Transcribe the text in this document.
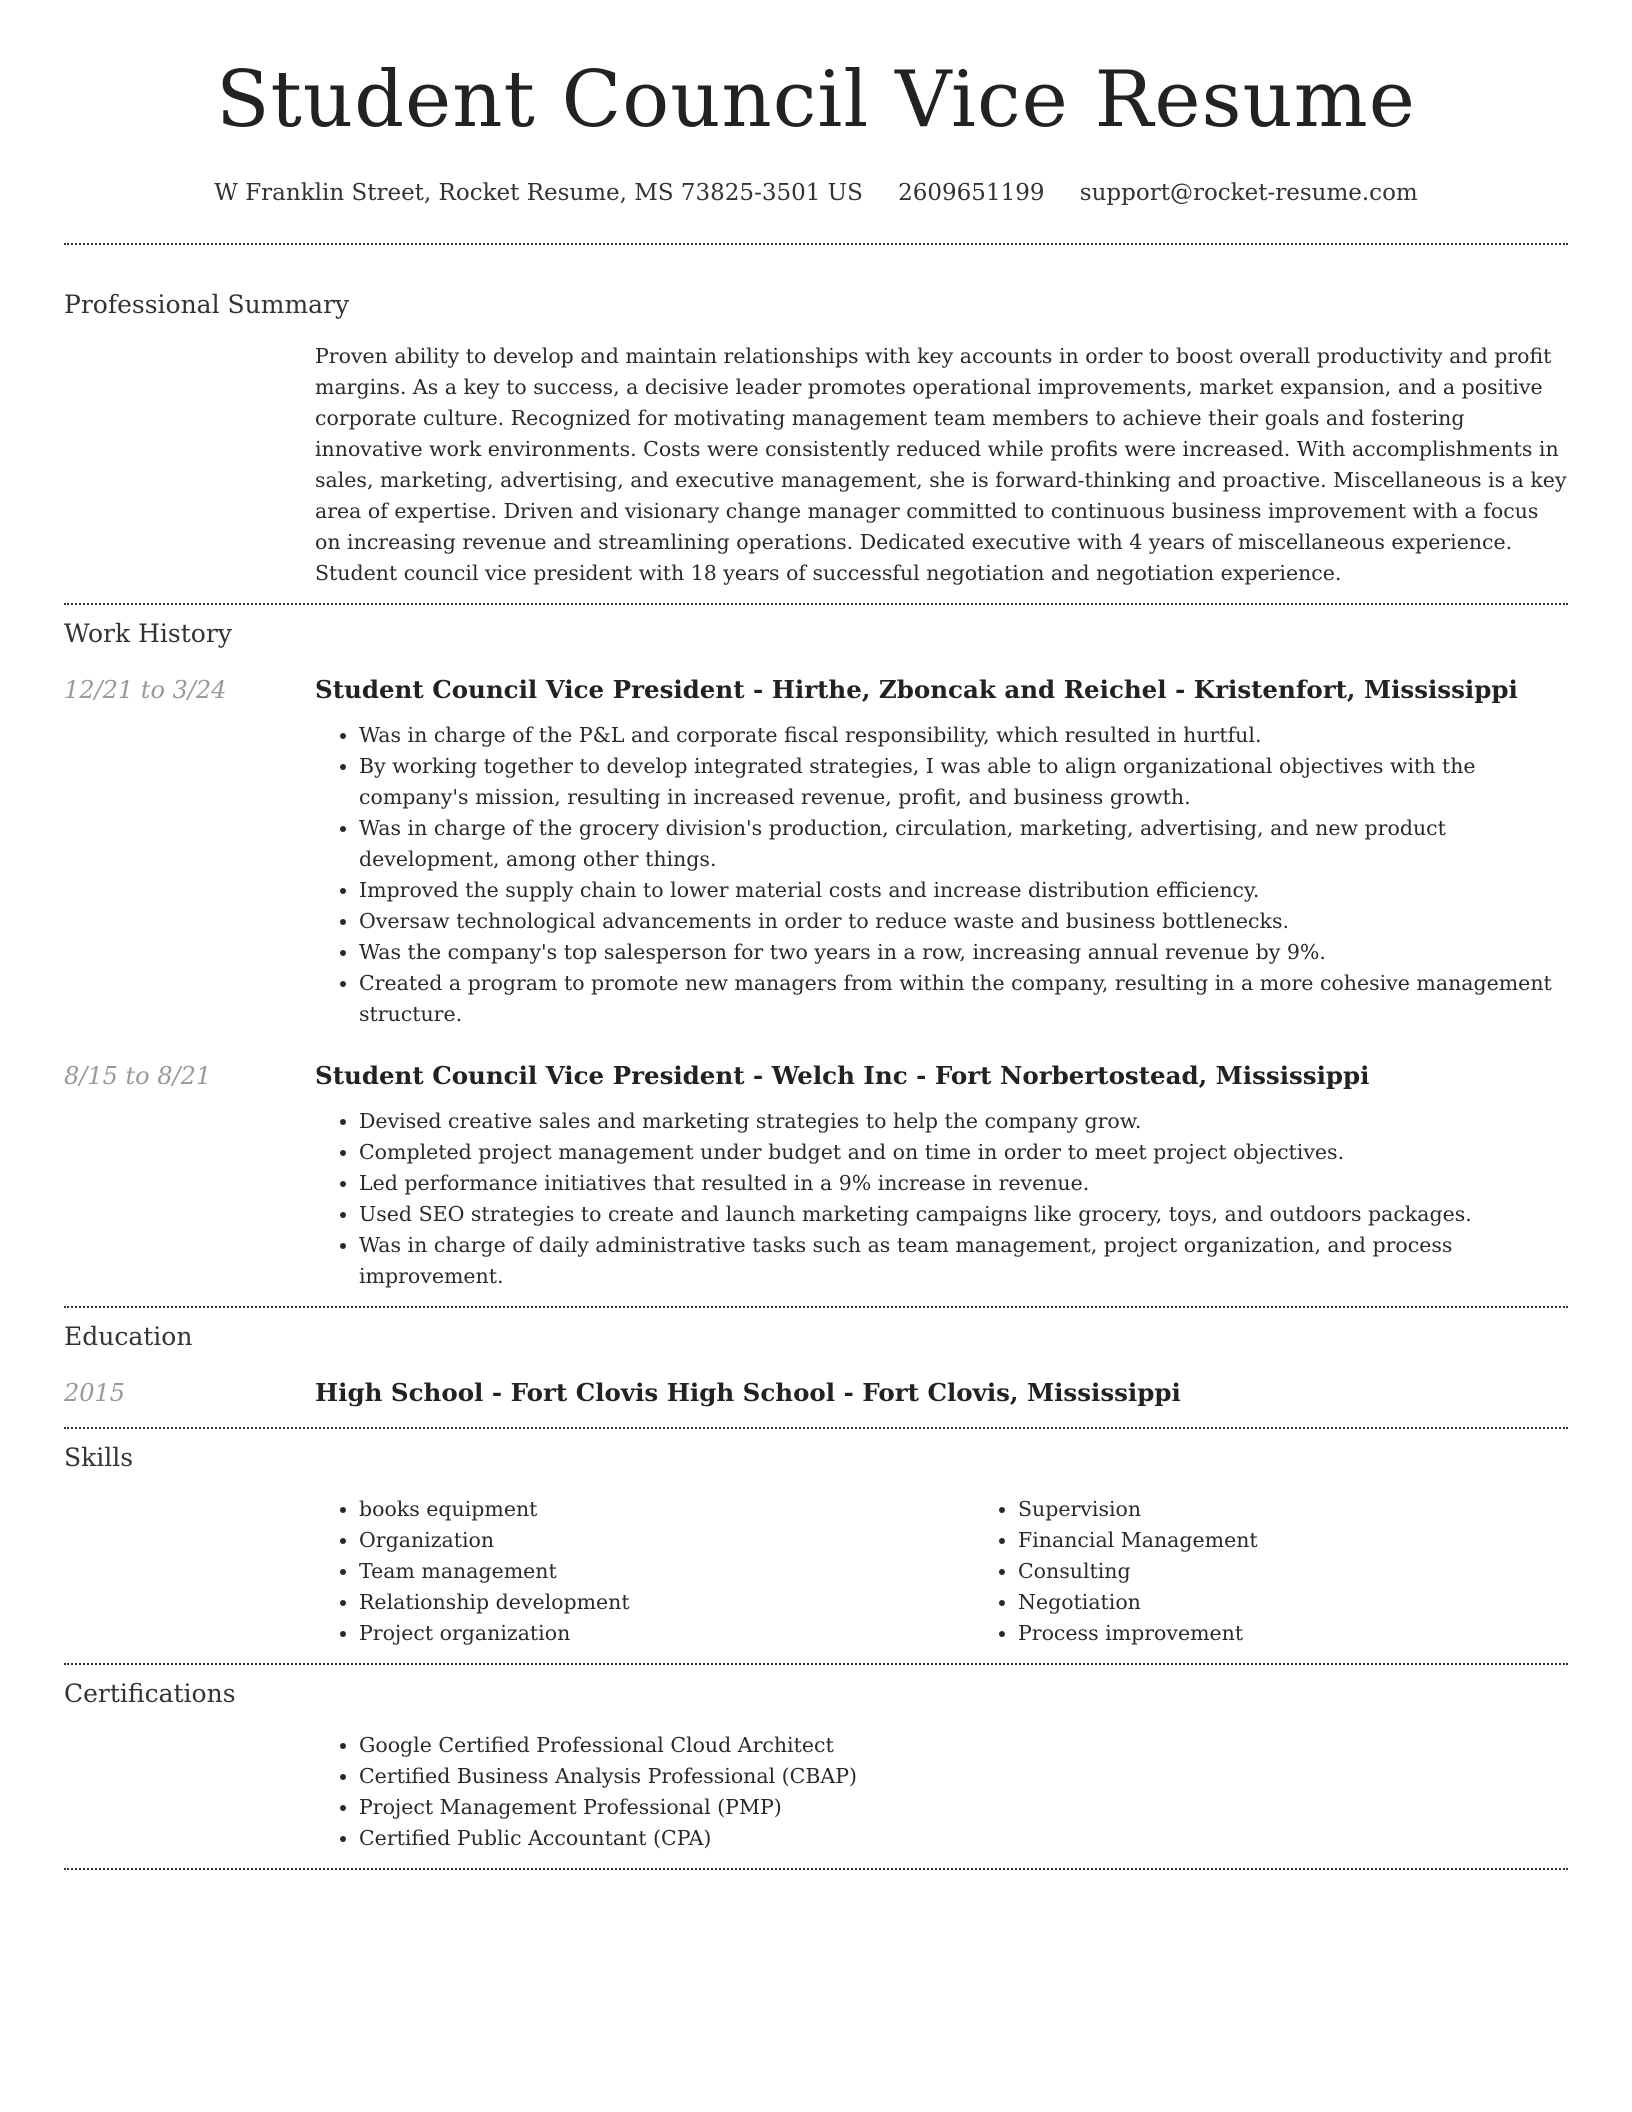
Student Council Vice Resume
W Franklin Street, Rocket Resume, MS 73825-3501 US 2609651199 support@rocket-resume.com
Professional Summary

Proven ability to develop and maintain relationships with key accounts in order to boost overall productivity and profit margins. As a key to success, a decisive leader promotes operational improvements, market expansion, and a positive corporate culture. Recognized for motivating management team members to achieve their goals and fostering innovative work environments. Costs were consistently reduced while profits were increased. With accomplishments in sales, marketing, advertising, and executive management, she is forward-thinking and proactive. Miscellaneous is a key area of expertise. Driven and visionary change manager committed to continuous business improvement with a focus on increasing revenue and streamlining operations. Dedicated executive with 4 years of miscellaneous experience. Student council vice president with 18 years of successful negotiation and negotiation experience.

Work History
12/21 to 3/24	Student Council Vice President - Hirthe, Zboncak and Reichel - Kristenfort, Mississippi
• Was in charge of the P&L and corporate fiscal responsibility, which resulted in hurtful.
• By working together to develop integrated strategies, I was able to align organizational objectives with the company's mission, resulting in increased revenue, profit, and business growth.
• Was in charge of the grocery division's production, circulation, marketing, advertising, and new product development, among other things.
• Improved the supply chain to lower material costs and increase distribution efficiency.
• Oversaw technological advancements in order to reduce waste and business bottlenecks.
• Was the company's top salesperson for two years in a row, increasing annual revenue by 9%.
• Created a program to promote new managers from within the company, resulting in a more cohesive management structure.
8/15 to 8/21	Student Council Vice President - Welch Inc - Fort Norbertostead, Mississippi
• Devised creative sales and marketing strategies to help the company grow.
• Completed project management under budget and on time in order to meet project objectives.
• Led performance initiatives that resulted in a 9% increase in revenue.
• Used SEO strategies to create and launch marketing campaigns like grocery, toys, and outdoors packages.
• Was in charge of daily administrative tasks such as team management, project organization, and process improvement.
Education
2015	High School - Fort Clovis High School - Fort Clovis, Mississippi
Skills
• books equipment
• Organization
• Team management
• Relationship development
• Project organization
• Supervision
• Financial Management
• Consulting
• Negotiation
• Process improvement
Certifications
• Google Certified Professional Cloud Architect
• Certified Business Analysis Professional (CBAP)
• Project Management Professional (PMP)
• Certified Public Accountant (CPA)
